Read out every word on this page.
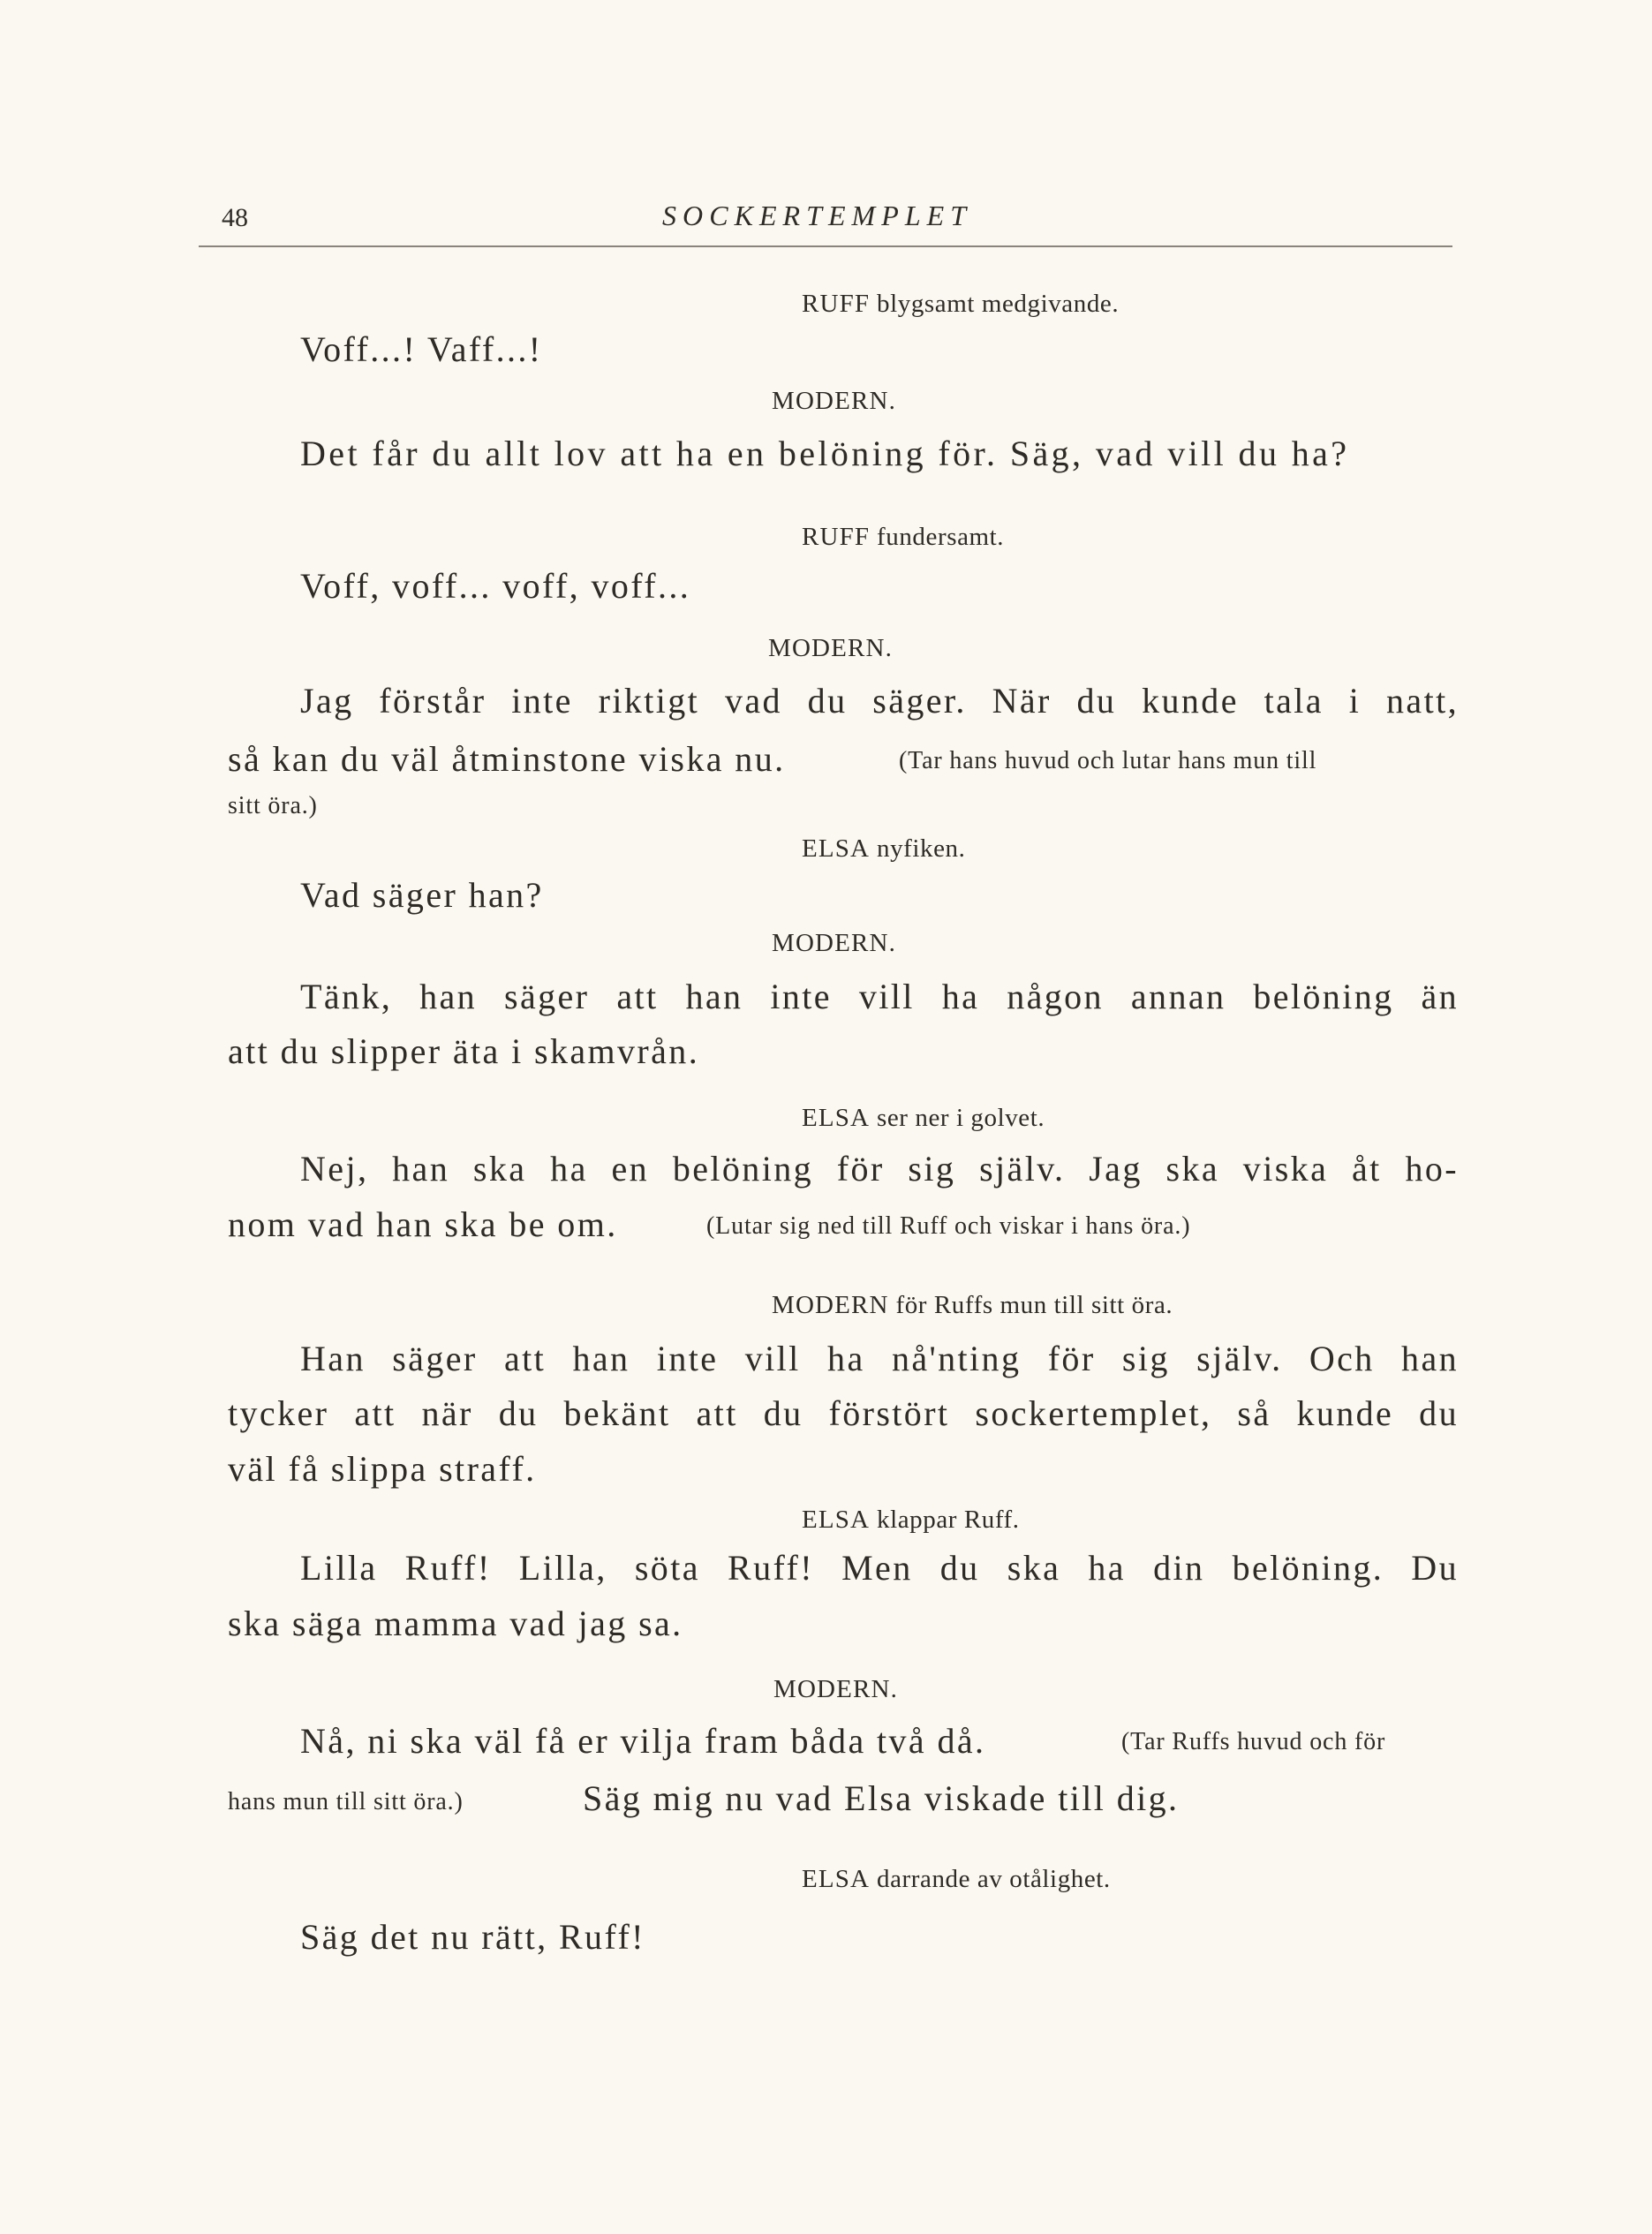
48	SOCKERTEMPLET
RUFF blygsamt medgivande.
Voff...! Vaff...!
MODERN.
Det får du allt lov att ha en belöning för. Säg, vad vill du ha?
RUFF fundersamt.
Voff, voff... voff, voff...
MODERN.
Jag förstår inte riktigt vad du säger. När du kunde tala i natt,
så kan du väl åtminstone viska nu.	(Tar hans huvud och lutar hans mun till
sitt öra.)
ELSA nyfiken.
Vad säger han?
MODERN.
Tänk, han säger att han inte vill ha någon annan belöning än
att du slipper äta i skamvrån.
ELSA ser ner i golvet.
Nej, han ska ha en belöning för sig själv. Jag ska viska åt ho-
nom vad han ska be om.	(Lutar sig ned till Ruff och viskar i hans öra.)
MODERN för Ruffs mun till sitt öra.
Han säger att han inte vill ha nå'nting för sig själv. Och han
tycker att när du bekänt att du förstört sockertemplet, så kunde du
väl få slippa straff.
ELSA klappar Ruff.
Lilla Ruff! Lilla, söta Ruff! Men du ska ha din belöning. Du
ska säga mamma vad jag sa.
MODERN.
Nå, ni ska väl få er vilja fram båda två då.	(Tar Ruffs huvud och för
hans mun till sitt öra.)	Säg mig nu vad Elsa viskade till dig.
ELSA darrande av otålighet.
Säg det nu rätt, Ruff!
